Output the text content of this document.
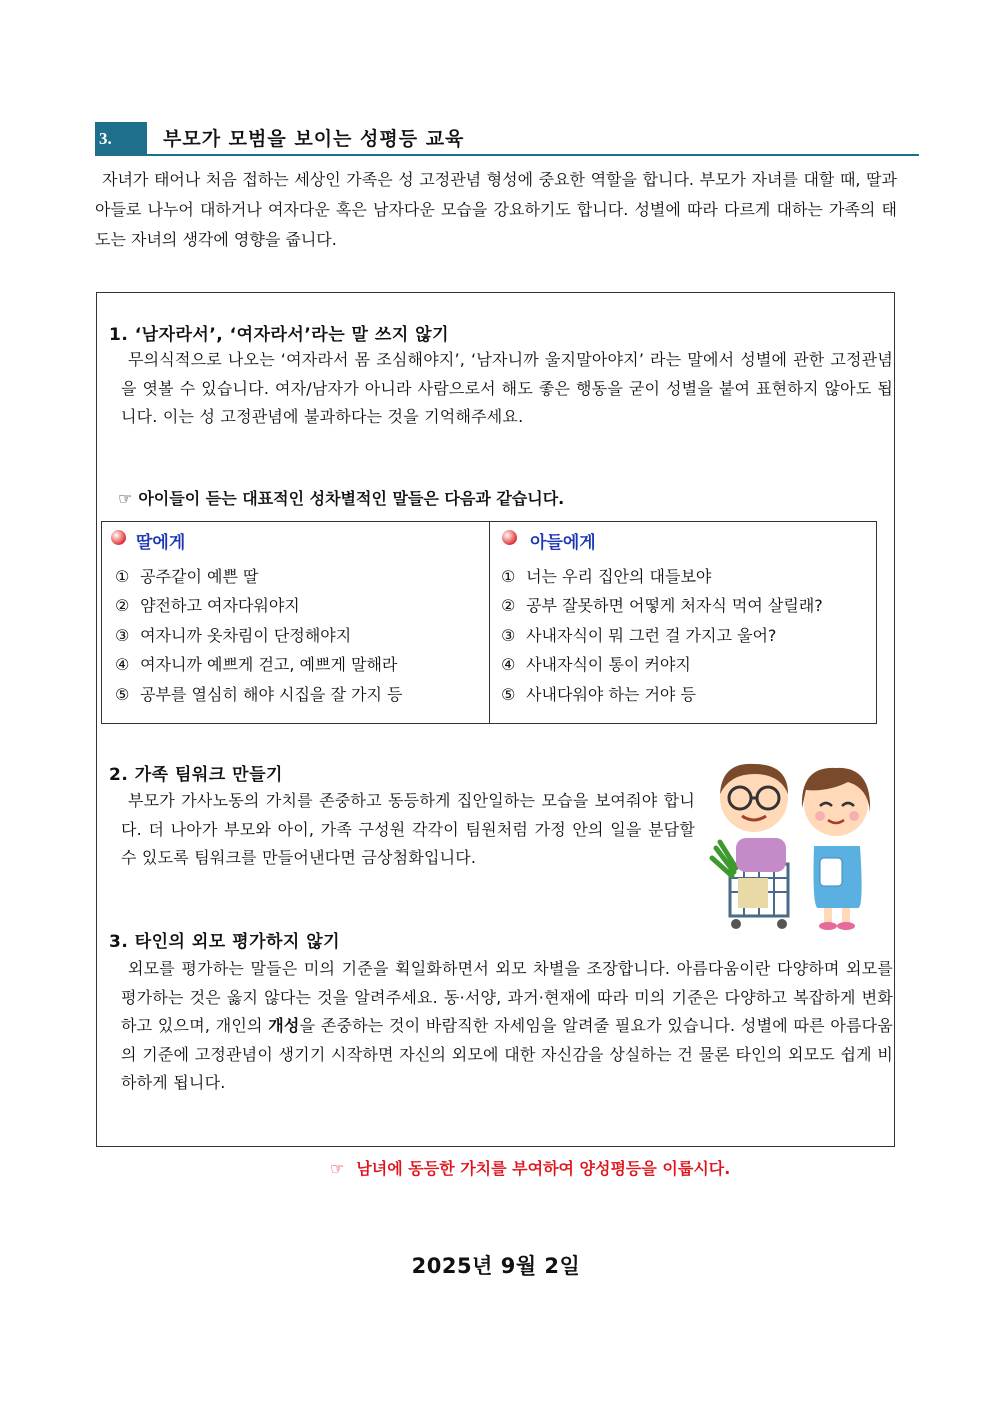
3.	부모가 모범을 보이는 성평등 교육
자녀가 태어나 처음 접하는 세상인 가족은 성 고정관념 형성에 중요한 역할을 합니다. 부모가 자녀를 대할 때, 딸과 아들로 나누어 대하거나 여자다운 혹은 남자다운 모습을 강요하기도 합니다. 성별에 따라 다르게 대하는 가족의 태도는 자녀의 생각에 영향을 줍니다.
1. ‘남자라서’, ‘여자라서’라는 말 쓰지 않기
무의식적으로 나오는 ‘여자라서 몸 조심해야지’, ‘남자니까 울지말아야지’ 라는 말에서 성별에 관한 고정관념을 엿볼 수 있습니다. 여자/남자가 아니라 사람으로서 해도 좋은 행동을 굳이 성별을 붙여 표현하지 않아도 됩니다. 이는 성 고정관념에 불과하다는 것을 기억해주세요.
☞ 아이들이 듣는 대표적인 성차별적인 말들은 다음과 같습니다.
딸에게
① 공주같이 예쁜 딸
② 얌전하고 여자다워야지
③ 여자니까 옷차림이 단정해야지
④ 여자니까 예쁘게 걷고, 예쁘게 말해라
⑤ 공부를 열심히 해야 시집을 잘 가지 등
아들에게
① 너는 우리 집안의 대들보야
② 공부 잘못하면 어떻게 처자식 먹여 살릴래?
③ 사내자식이 뭐 그런 걸 가지고 울어?
④ 사내자식이 통이 커야지
⑤ 사내다워야 하는 거야 등
2. 가족 팀워크 만들기
부모가 가사노동의 가치를 존중하고 동등하게 집안일하는 모습을 보여줘야 합니다. 더 나아가 부모와 아이, 가족 구성원 각각이 팀원처럼 가정 안의 일을 분담할 수 있도록 팀워크를 만들어낸다면 금상첨화입니다.
3. 타인의 외모 평가하지 않기
외모를 평가하는 말들은 미의 기준을 획일화하면서 외모 차별을 조장합니다. 아름다움이란 다양하며 외모를 평가하는 것은 옳지 않다는 것을 알려주세요. 동·서양, 과거·현재에 따라 미의 기준은 다양하고 복잡하게 변화하고 있으며, 개인의 개성을 존중하는 것이 바람직한 자세임을 알려줄 필요가 있습니다. 성별에 따른 아름다움의 기준에 고정관념이 생기기 시작하면 자신의 외모에 대한 자신감을 상실하는 건 물론 타인의 외모도 쉽게 비하하게 됩니다.
☞ 남녀에 동등한 가치를 부여하여 양성평등을 이룹시다.
2025년 9월 2일
